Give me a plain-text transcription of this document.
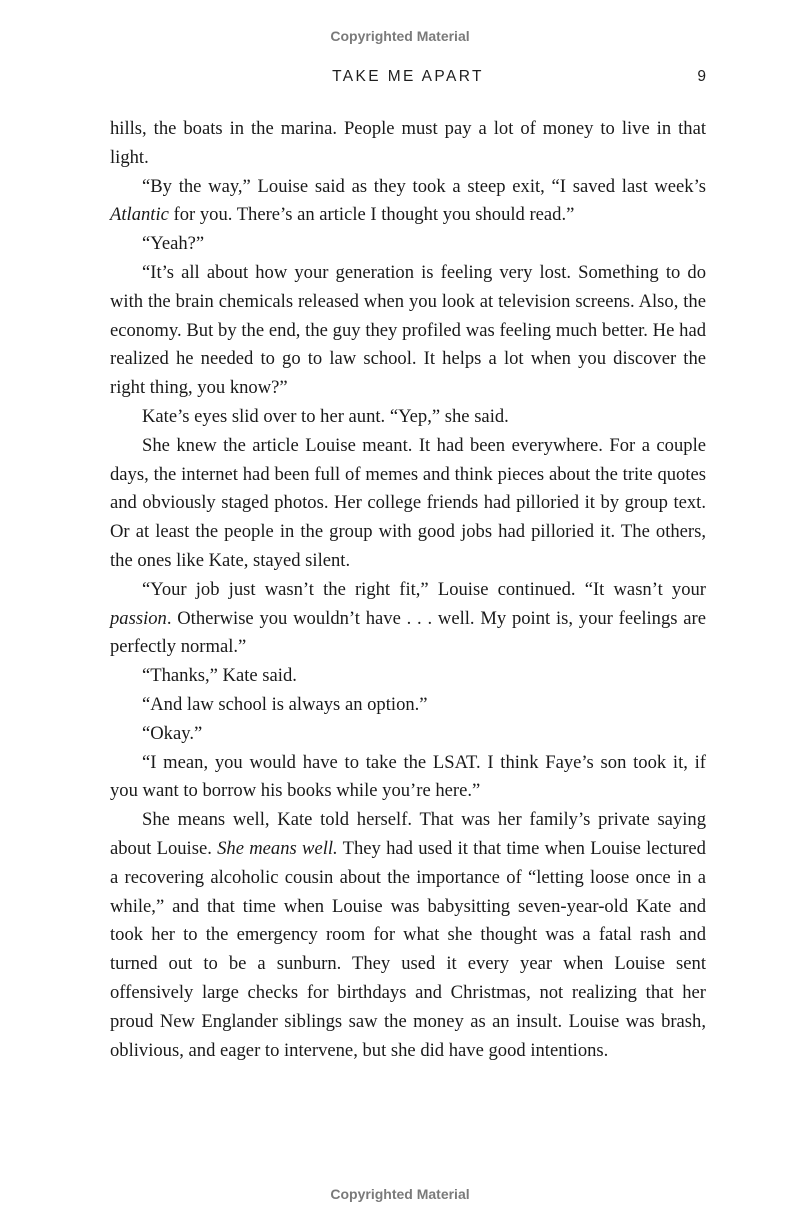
Copyrighted Material
TAKE ME APART	9

hills, the boats in the marina. People must pay a lot of money to live in that light.

“By the way,” Louise said as they took a steep exit, “I saved last week’s Atlantic for you. There’s an article I thought you should read.”

“Yeah?”

“It’s all about how your generation is feeling very lost. Something to do with the brain chemicals released when you look at television screens. Also, the economy. But by the end, the guy they profiled was feeling much better. He had realized he needed to go to law school. It helps a lot when you discover the right thing, you know?”

Kate’s eyes slid over to her aunt. “Yep,” she said.

She knew the article Louise meant. It had been everywhere. For a couple days, the internet had been full of memes and think pieces about the trite quotes and obviously staged photos. Her college friends had pilloried it by group text. Or at least the people in the group with good jobs had pilloried it. The others, the ones like Kate, stayed silent.

“Your job just wasn’t the right fit,” Louise continued. “It wasn’t your passion. Otherwise you wouldn’t have . . . well. My point is, your feelings are perfectly normal.”

“Thanks,” Kate said.

“And law school is always an option.”

“Okay.”

“I mean, you would have to take the LSAT. I think Faye’s son took it, if you want to borrow his books while you’re here.”

She means well, Kate told herself. That was her family’s private saying about Louise. She means well. They had used it that time when Louise lectured a recovering alcoholic cousin about the importance of “letting loose once in a while,” and that time when Louise was babysitting seven-year-old Kate and took her to the emergency room for what she thought was a fatal rash and turned out to be a sunburn. They used it every year when Louise sent offensively large checks for birthdays and Christmas, not realizing that her proud New Englander siblings saw the money as an insult. Louise was brash, oblivious, and eager to intervene, but she did have good intentions.

Copyrighted Material
